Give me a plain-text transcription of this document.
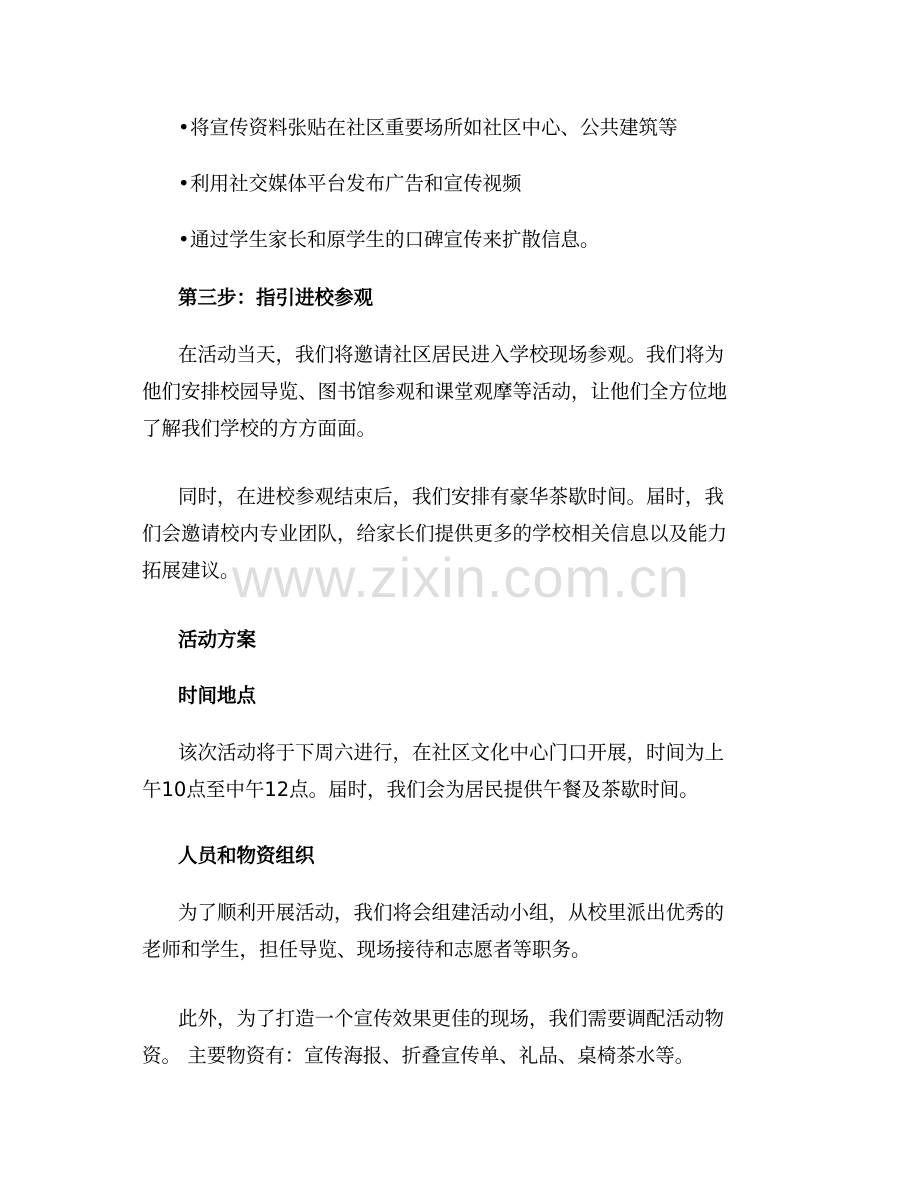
•将宣传资料张贴在社区重要场所如社区中心、公共建筑等
•利用社交媒体平台发布广告和宣传视频
•通过学生家长和原学生的口碑宣传来扩散信息。
第三步：指引进校参观
在活动当天，我们将邀请社区居民进入学校现场参观。我们将为
他们安排校园导览、图书馆参观和课堂观摩等活动，让他们全方位地
了解我们学校的方方面面。
同时，在进校参观结束后，我们安排有豪华茶歇时间。届时，我
们会邀请校内专业团队，给家长们提供更多的学校相关信息以及能力
拓展建议。
活动方案
时间地点
该次活动将于下周六进行，在社区文化中心门口开展，时间为上
午10点至中午12点。届时，我们会为居民提供午餐及茶歇时间。
人员和物资组织
为了顺利开展活动，我们将会组建活动小组，从校里派出优秀的
老师和学生，担任导览、现场接待和志愿者等职务。
此外，为了打造一个宣传效果更佳的现场，我们需要调配活动物
资。 主要物资有：宣传海报、折叠宣传单、礼品、桌椅茶水等。
www.zixin.com.cn
